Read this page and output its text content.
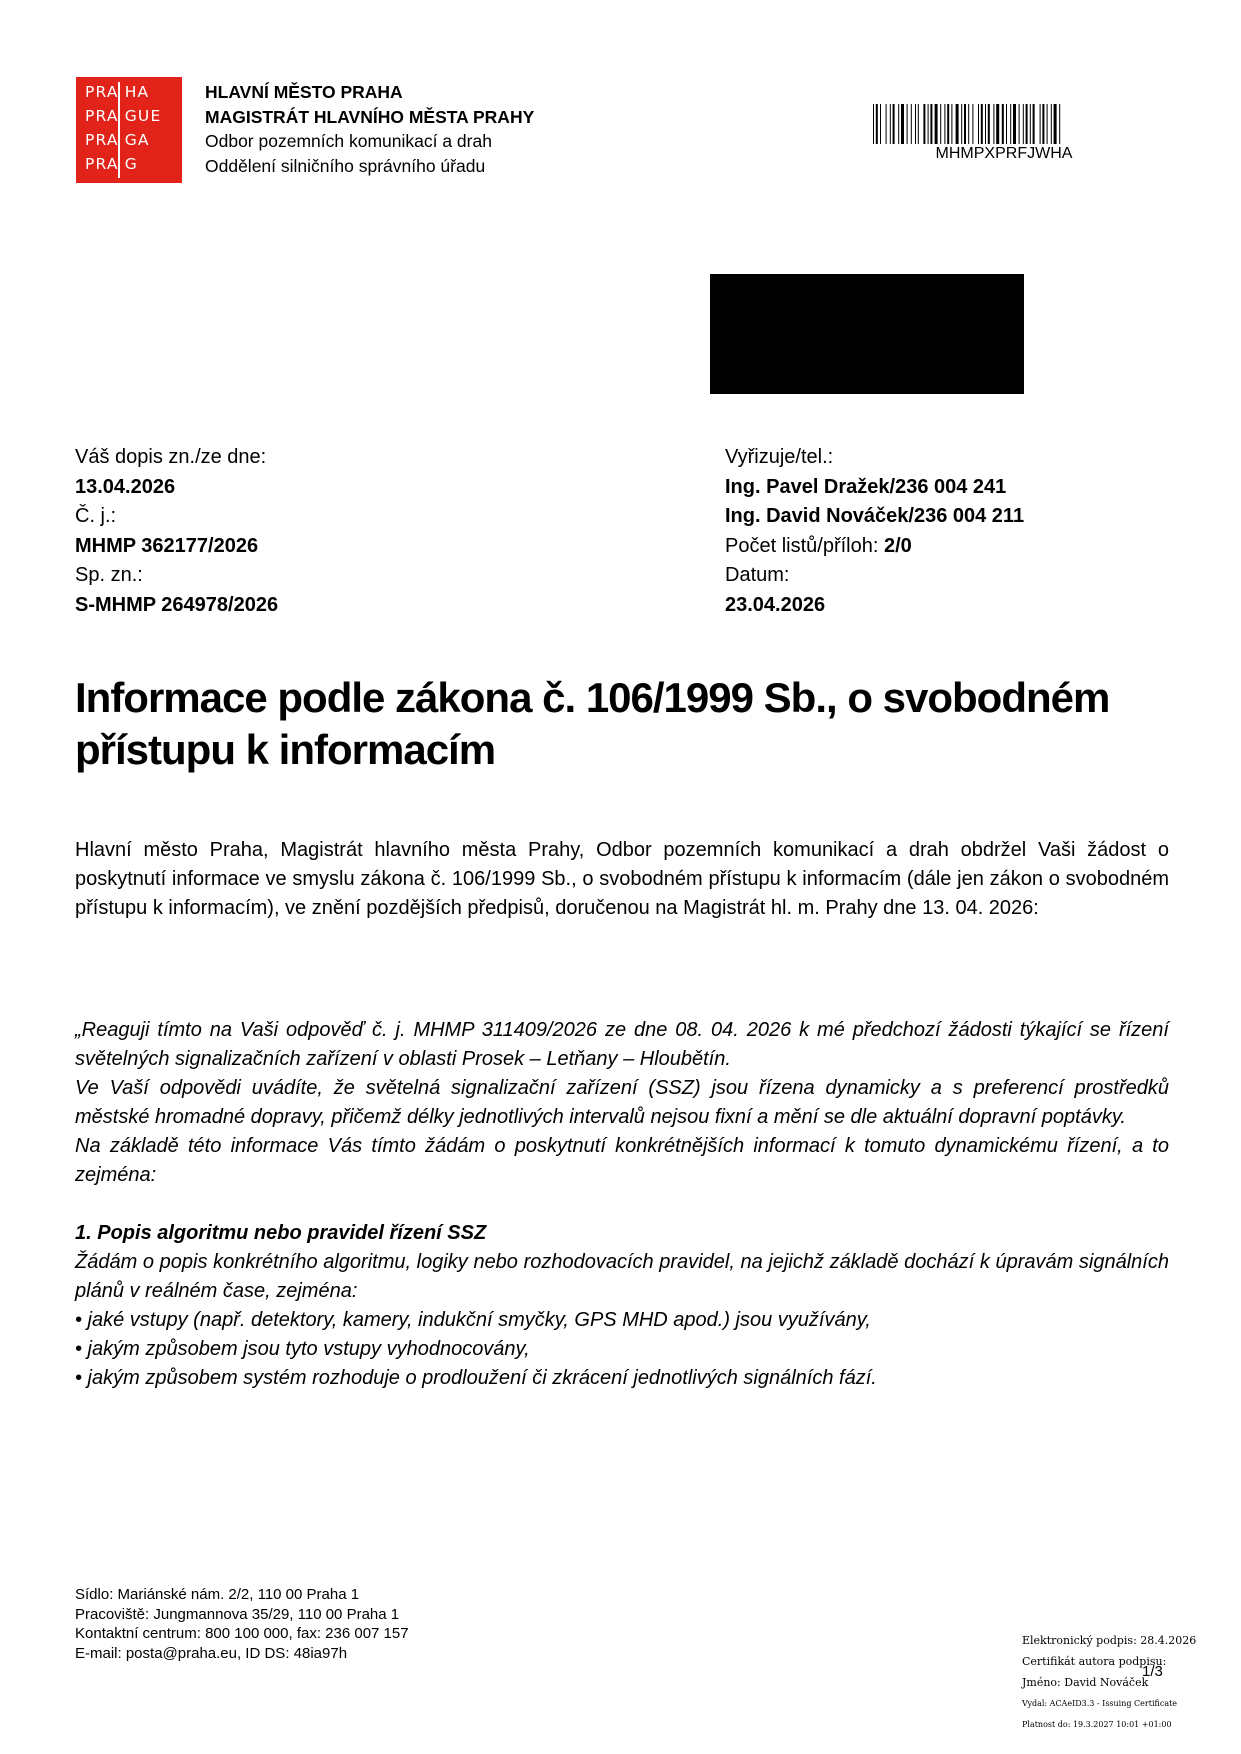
PRA HA
PRA GUE
PRA GA
PRA G
HLAVNÍ MĚSTO PRAHA
MAGISTRÁT HLAVNÍHO MĚSTA PRAHY
Odbor pozemních komunikací a drah
Oddělení silničního správního úřadu
MHMPXPRFJWHA
Váš dopis zn./ze dne:
13.04.2026
Č. j.:
MHMP 362177/2026
Sp. zn.:
S-MHMP 264978/2026
Vyřizuje/tel.:
Ing. Pavel Dražek/236 004 241
Ing. David Nováček/236 004 211
Počet listů/příloh: 2/0
Datum:
23.04.2026
Informace podle zákona č. 106/1999 Sb., o svobodném přístupu k informacím
Hlavní město Praha, Magistrát hlavního města Prahy, Odbor pozemních komunikací a drah obdržel Vaši žádost o poskytnutí informace ve smyslu zákona č. 106/1999 Sb., o svobodném přístupu k informacím (dále jen zákon o svobodném přístupu k informacím), ve znění pozdějších předpisů, doručenou na Magistrát hl. m. Prahy dne 13. 04. 2026:

„Reaguji tímto na Vaši odpověď č. j. MHMP 311409/2026 ze dne 08. 04. 2026 k mé předchozí žádosti týkající se řízení světelných signalizačních zařízení v oblasti Prosek – Letňany – Hloubětín.

Ve Vaší odpovědi uvádíte, že světelná signalizační zařízení (SSZ) jsou řízena dynamicky a s preferencí prostředků městské hromadné dopravy, přičemž délky jednotlivých intervalů nejsou fixní a mění se dle aktuální dopravní poptávky.

Na základě této informace Vás tímto žádám o poskytnutí konkrétnějších informací k tomuto dynamickému řízení, a to zejména:

1. Popis algoritmu nebo pravidel řízení SSZ

Žádám o popis konkrétního algoritmu, logiky nebo rozhodovacích pravidel, na jejichž základě dochází k úpravám signálních plánů v reálném čase, zejména:

• jaké vstupy (např. detektory, kamery, indukční smyčky, GPS MHD apod.) jsou využívány,

• jakým způsobem jsou tyto vstupy vyhodnocovány,

• jakým způsobem systém rozhoduje o prodloužení či zkrácení jednotlivých signálních fází.

Sídlo: Mariánské nám. 2/2, 110 00 Praha 1
Pracoviště: Jungmannova 35/29, 110 00 Praha 1
Kontaktní centrum: 800 100 000, fax: 236 007 157
E-mail: posta@praha.eu, ID DS: 48ia97h
Elektronický podpis: 28.4.2026
Certifikát autora podpisu:
Jméno: David Nováček
Vydal: ACAeID3.3 - Issuing Certificate
Platnost do: 19.3.2027 10:01 +01:00
1/3
